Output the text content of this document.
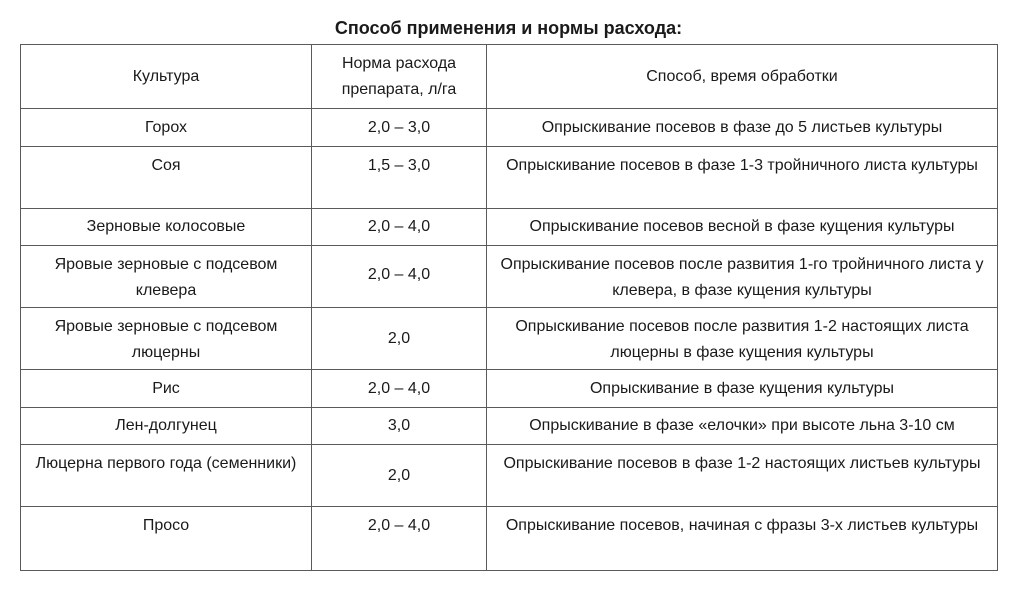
Способ применения и нормы расхода:
Культура	Норма расхода препарата, л/га	Способ, время обработки
Горох	2,0 – 3,0	Опрыскивание посевов в фазе до 5 листьев культуры
Соя	1,5 – 3,0	Опрыскивание посевов в фазе 1-3 тройничного листа культуры
Зерновые колосовые	2,0 – 4,0	Опрыскивание посевов весной в фазе кущения культуры
Яровые зерновые с подсевом клевера	2,0 – 4,0	Опрыскивание посевов после развития 1-го тройничного листа у клевера, в фазе кущения культуры
Яровые зерновые с подсевом люцерны	2,0	Опрыскивание посевов после развития 1-2 настоящих листа люцерны в фазе кущения культуры
Рис	2,0 – 4,0	Опрыскивание в фазе кущения культуры
Лен-долгунец	3,0	Опрыскивание в фазе «елочки» при высоте льна 3-10 см
Люцерна первого года (семенники)	2,0	Опрыскивание посевов в фазе 1-2 настоящих листьев культуры
Просо	2,0 – 4,0	Опрыскивание посевов, начиная с фразы 3-х листьев культуры
